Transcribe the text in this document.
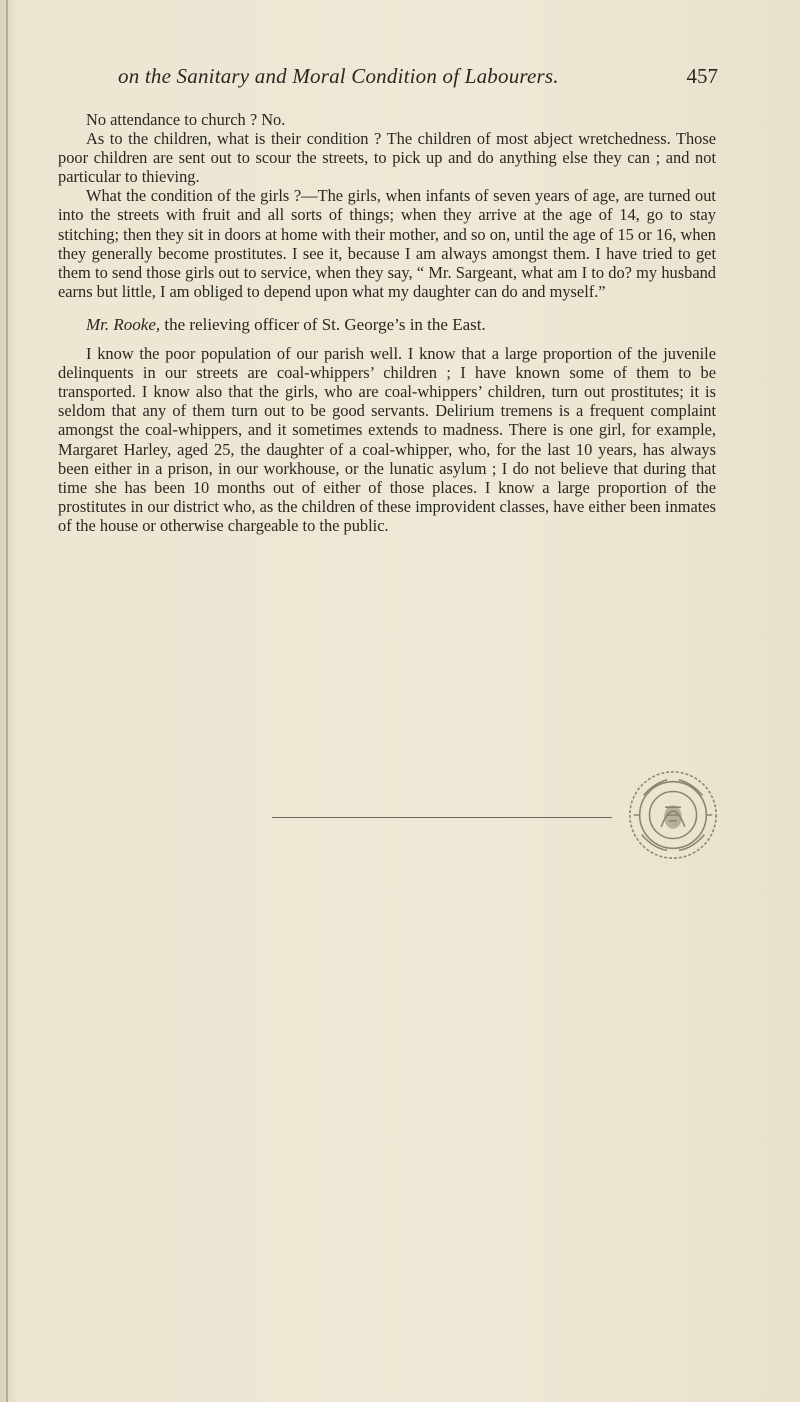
on the Sanitary and Moral Condition of Labourers.	457

No attendance to church ? No.

As to the children, what is their condition ? The children of most abject wretchedness. Those poor children are sent out to scour the streets, to pick up and do anything else they can ; and not particular to thieving.

What the condition of the girls ?—The girls, when infants of seven years of age, are turned out into the streets with fruit and all sorts of things; when they arrive at the age of 14, go to stay stitching; then they sit in doors at home with their mother, and so on, until the age of 15 or 16, when they generally become prostitutes. I see it, because I am always amongst them. I have tried to get them to send those girls out to service, when they say, “ Mr. Sargeant, what am I to do? my husband earns but little, I am obliged to depend upon what my daughter can do and myself.”

Mr. Rooke, the relieving officer of St. George’s in the East.

I know the poor population of our parish well. I know that a large proportion of the juvenile delinquents in our streets are coal-whippers’ children ; I have known some of them to be transported. I know also that the girls, who are coal-whippers’ children, turn out prostitutes; it is seldom that any of them turn out to be good servants. Delirium tremens is a frequent complaint amongst the coal-whippers, and it sometimes extends to madness. There is one girl, for example, Margaret Harley, aged 25, the daughter of a coal-whipper, who, for the last 10 years, has always been either in a prison, in our workhouse, or the lunatic asylum ; I do not believe that during that time she has been 10 months out of either of those places. I know a large proportion of the prostitutes in our district who, as the children of these improvident classes, have either been inmates of the house or otherwise chargeable to the public.
